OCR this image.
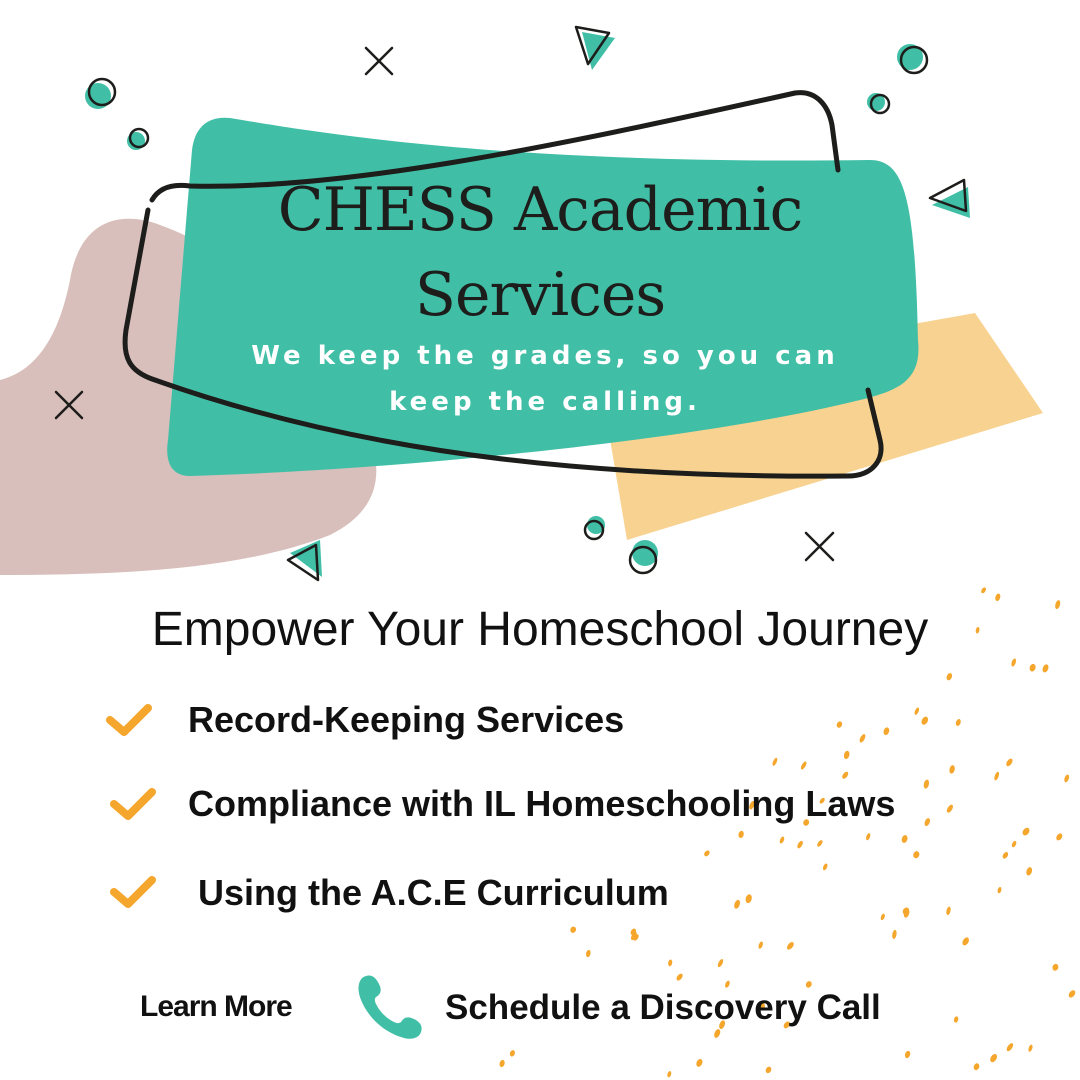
CHESS Academic
Services
We keep the grades, so you can
keep the calling.
Empower Your Homeschool Journey
Record-Keeping Services
Compliance with IL Homeschooling Laws
Using the A.C.E Curriculum
Learn More	Schedule a Discovery Call
